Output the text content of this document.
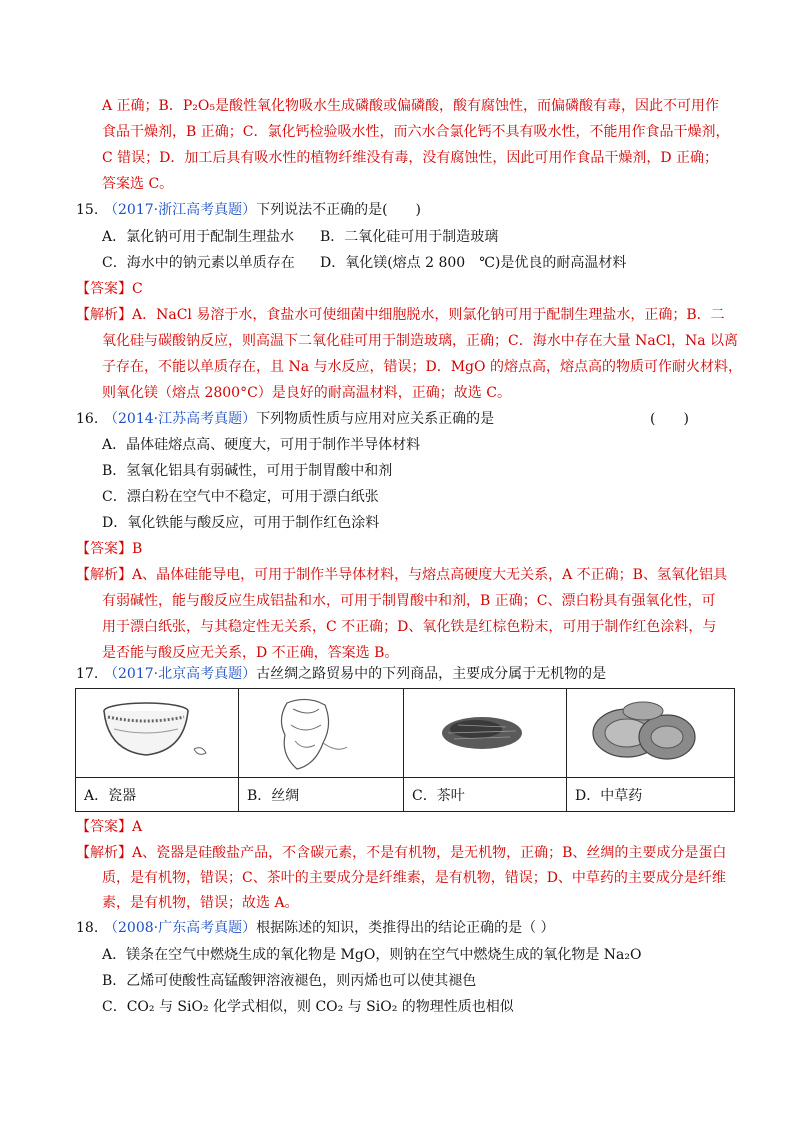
A 正确；B．P₂O₅是酸性氧化物吸水生成磷酸或偏磷酸，酸有腐蚀性，而偏磷酸有毒，因此不可用作
食品干燥剂，B 正确；C．氯化钙检验吸水性，而六水合氯化钙不具有吸水性，不能用作食品干燥剂，
C 错误；D．加工后具有吸水性的植物纤维没有毒，没有腐蚀性，因此可用作食品干燥剂，D 正确；
答案选 C。
15. （2017·浙江高考真题）下列说法不正确的是(　　)
A．氯化钠可用于配制生理盐水 B．二氧化硅可用于制造玻璃
C．海水中的钠元素以单质存在 D．氧化镁(熔点 2 800　℃)是优良的耐高温材料
【答案】C
【解析】A．NaCl 易溶于水，食盐水可使细菌中细胞脱水，则氯化钠可用于配制生理盐水，正确；B．二
氧化硅与碳酸钠反应，则高温下二氧化硅可用于制造玻璃，正确；C．海水中存在大量 NaCl，Na 以离
子存在，不能以单质存在，且 Na 与水反应，错误；D．MgO 的熔点高，熔点高的物质可作耐火材料，
则氧化镁（熔点 2800°C）是良好的耐高温材料，正确；故选 C。
16. （2014·江苏高考真题）下列物质性质与应用对应关系正确的是	(　　)
A．晶体硅熔点高、硬度大，可用于制作半导体材料
B．氢氧化铝具有弱碱性，可用于制胃酸中和剂
C．漂白粉在空气中不稳定，可用于漂白纸张
D．氧化铁能与酸反应，可用于制作红色涂料
【答案】B
【解析】A、晶体硅能导电，可用于制作半导体材料，与熔点高硬度大无关系，A 不正确；B、氢氧化铝具
有弱碱性，能与酸反应生成铝盐和水，可用于制胃酸中和剂，B 正确；C、漂白粉具有强氧化性，可
用于漂白纸张，与其稳定性无关系，C 不正确；D、氧化铁是红棕色粉末，可用于制作红色涂料，与
是否能与酸反应无关系，D 不正确，答案选 B。
17. （2017·北京高考真题）古丝绸之路贸易中的下列商品，主要成分属于无机物的是
A．瓷器	B．丝绸	C．茶叶	D．中草药
【答案】A
【解析】A、瓷器是硅酸盐产品，不含碳元素，不是有机物，是无机物，正确；B、丝绸的主要成分是蛋白
质，是有机物，错误；C、茶叶的主要成分是纤维素，是有机物，错误；D、中草药的主要成分是纤维
素，是有机物，错误；故选 A。
18. （2008·广东高考真题）根据陈述的知识，类推得出的结论正确的是（ ）
A．镁条在空气中燃烧生成的氧化物是 MgO，则钠在空气中燃烧生成的氧化物是 Na₂O
B．乙烯可使酸性高锰酸钾溶液褪色，则丙烯也可以使其褪色
C．CO₂ 与 SiO₂ 化学式相似，则 CO₂ 与 SiO₂ 的物理性质也相似
